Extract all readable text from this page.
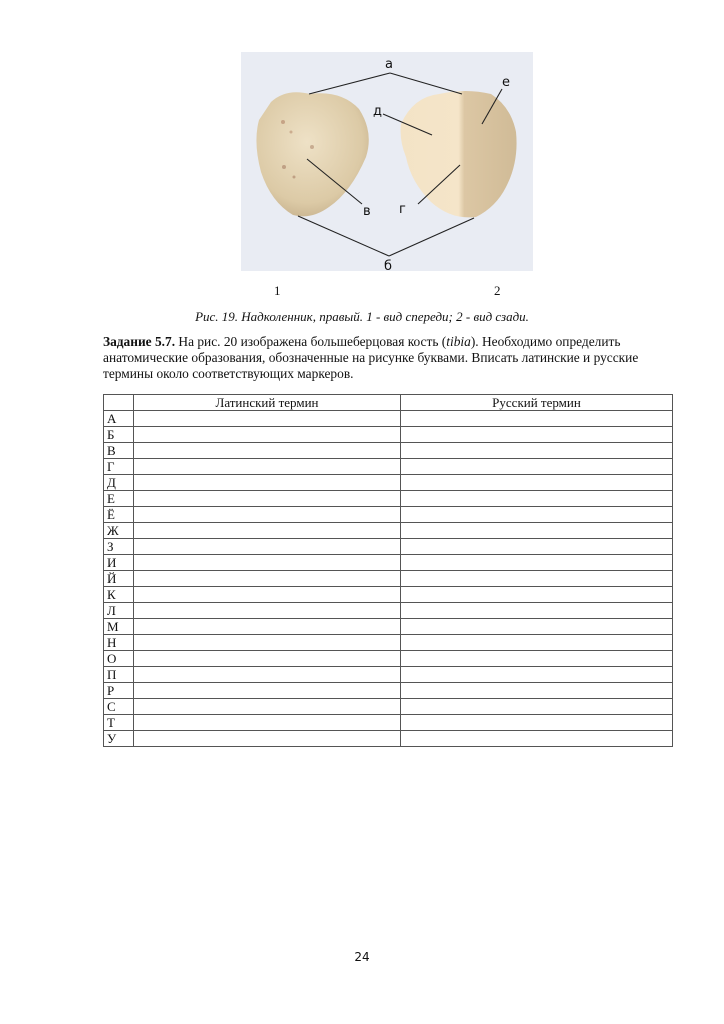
а
б
в г
д
е
1	2
Рис. 19. Надколенник, правый. 1 - вид спереди; 2 - вид сзади.
Задание 5.7. На рис. 20 изображена большеберцовая кость (tibia). Необходимо определить анатомические образования, обозначенные на рисунке буквами. Вписать латинские и русские термины около соответствующих маркеров.
	Латинский термин	Русский термин
А		
Б		
В		
Г		
Д		
Е		
Ё		
Ж		
З		
И		
Й		
К		
Л		
М		
Н		
О		
П		
Р		
С		
Т		
У		
24
